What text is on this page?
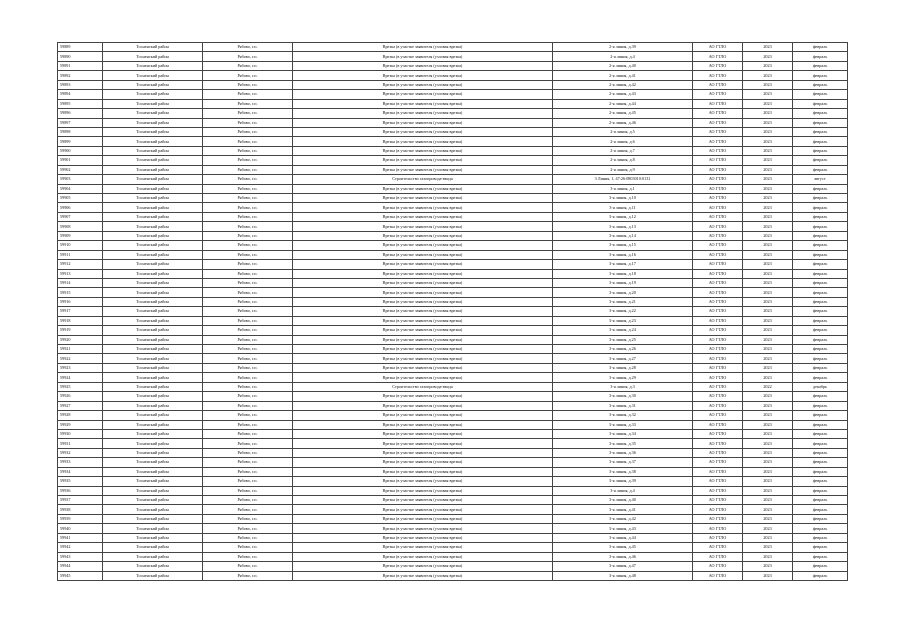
59889	Тосненский район	Рябово, г.п.	Врезка (в участке заявителя (узловая врезка)	2-я линия, д.39	АО ГТЛО	2023	февраль
59890	Тосненский район	Рябово, г.п.	Врезка (в участке заявителя (узловая врезка)	2-я линия, д.4	АО ГТЛО	2023	февраль
59891	Тосненский район	Рябово, г.п.	Врезка (в участке заявителя (узловая врезка)	2-я линия, д.40	АО ГТЛО	2023	февраль
59892	Тосненский район	Рябово, г.п.	Врезка (в участке заявителя (узловая врезка)	2-я линия, д.41	АО ГТЛО	2023	февраль
59893	Тосненский район	Рябово, г.п.	Врезка (в участке заявителя (узловая врезка)	2-я линия, д.42	АО ГТЛО	2023	февраль
59894	Тосненский район	Рябово, г.п.	Врезка (в участке заявителя (узловая врезка)	2-я линия, д.43	АО ГТЛО	2023	февраль
59895	Тосненский район	Рябово, г.п.	Врезка (в участке заявителя (узловая врезка)	2-я линия, д.44	АО ГТЛО	2023	февраль
59896	Тосненский район	Рябово, г.п.	Врезка (в участке заявителя (узловая врезка)	2-я линия, д.45	АО ГТЛО	2023	февраль
59897	Тосненский район	Рябово, г.п.	Врезка (в участке заявителя (узловая врезка)	2-я линия, д.46	АО ГТЛО	2023	февраль
59898	Тосненский район	Рябово, г.п.	Врезка (в участке заявителя (узловая врезка)	2-я линия, д.5	АО ГТЛО	2023	февраль
59899	Тосненский район	Рябово, г.п.	Врезка (в участке заявителя (узловая врезка)	2-я линия, д.6	АО ГТЛО	2023	февраль
59900	Тосненский район	Рябово, г.п.	Врезка (в участке заявителя (узловая врезка)	2-я линия, д.7	АО ГТЛО	2023	февраль
59901	Тосненский район	Рябово, г.п.	Врезка (в участке заявителя (узловая врезка)	2-я линия, д.8	АО ГТЛО	2023	февраль
59902	Тосненский район	Рябово, г.п.	Врезка (в участке заявителя (узловая врезка)	2-я линия, д.9	АО ГТЛО	2023	февраль
59903	Тосненский район	Рябово, г.п.	Строительство газопровода-ввода	3 Линия, 1, 47:26:0803010:0131	АО ГТЛО	2023	август
59904	Тосненский район	Рябово, г.п.	Врезка (в участке заявителя (узловая врезка)	3-я линия, д.1	АО ГТЛО	2023	февраль
59905	Тосненский район	Рябово, г.п.	Врезка (в участке заявителя (узловая врезка)	3-я линия, д.10	АО ГТЛО	2023	февраль
59906	Тосненский район	Рябово, г.п.	Врезка (в участке заявителя (узловая врезка)	3-я линия, д.11	АО ГТЛО	2023	февраль
59907	Тосненский район	Рябово, г.п.	Врезка (в участке заявителя (узловая врезка)	3-я линия, д.12	АО ГТЛО	2023	февраль
59908	Тосненский район	Рябово, г.п.	Врезка (в участке заявителя (узловая врезка)	3-я линия, д.13	АО ГТЛО	2023	февраль
59909	Тосненский район	Рябово, г.п.	Врезка (в участке заявителя (узловая врезка)	3-я линия, д.14	АО ГТЛО	2023	февраль
59910	Тосненский район	Рябово, г.п.	Врезка (в участке заявителя (узловая врезка)	3-я линия, д.15	АО ГТЛО	2023	февраль
59911	Тосненский район	Рябово, г.п.	Врезка (в участке заявителя (узловая врезка)	3-я линия, д.16	АО ГТЛО	2023	февраль
59912	Тосненский район	Рябово, г.п.	Врезка (в участке заявителя (узловая врезка)	3-я линия, д.17	АО ГТЛО	2023	февраль
59913	Тосненский район	Рябово, г.п.	Врезка (в участке заявителя (узловая врезка)	3-я линия, д.18	АО ГТЛО	2023	февраль
59914	Тосненский район	Рябово, г.п.	Врезка (в участке заявителя (узловая врезка)	3-я линия, д.19	АО ГТЛО	2023	февраль
59915	Тосненский район	Рябово, г.п.	Врезка (в участке заявителя (узловая врезка)	3-я линия, д.20	АО ГТЛО	2023	февраль
59916	Тосненский район	Рябово, г.п.	Врезка (в участке заявителя (узловая врезка)	3-я линия, д.21	АО ГТЛО	2023	февраль
59917	Тосненский район	Рябово, г.п.	Врезка (в участке заявителя (узловая врезка)	3-я линия, д.22	АО ГТЛО	2023	февраль
59918	Тосненский район	Рябово, г.п.	Врезка (в участке заявителя (узловая врезка)	3-я линия, д.23	АО ГТЛО	2023	февраль
59919	Тосненский район	Рябово, г.п.	Врезка (в участке заявителя (узловая врезка)	3-я линия, д.24	АО ГТЛО	2023	февраль
59920	Тосненский район	Рябово, г.п.	Врезка (в участке заявителя (узловая врезка)	3-я линия, д.25	АО ГТЛО	2023	февраль
59921	Тосненский район	Рябово, г.п.	Врезка (в участке заявителя (узловая врезка)	3-я линия, д.26	АО ГТЛО	2023	февраль
59922	Тосненский район	Рябово, г.п.	Врезка (в участке заявителя (узловая врезка)	3-я линия, д.27	АО ГТЛО	2023	февраль
59923	Тосненский район	Рябово, г.п.	Врезка (в участке заявителя (узловая врезка)	3-я линия, д.28	АО ГТЛО	2023	февраль
59924	Тосненский район	Рябово, г.п.	Врезка (в участке заявителя (узловая врезка)	3-я линия, д.29	АО ГТЛО	2023	февраль
59925	Тосненский район	Рябово, г.п.	Строительство газопровода-ввода	3-я линия, д.3	АО ГТЛО	2022	декабрь
59926	Тосненский район	Рябово, г.п.	Врезка (в участке заявителя (узловая врезка)	3-я линия, д.30	АО ГТЛО	2023	февраль
59927	Тосненский район	Рябово, г.п.	Врезка (в участке заявителя (узловая врезка)	3-я линия, д.31	АО ГТЛО	2023	февраль
59928	Тосненский район	Рябово, г.п.	Врезка (в участке заявителя (узловая врезка)	3-я линия, д.32	АО ГТЛО	2023	февраль
59929	Тосненский район	Рябово, г.п.	Врезка (в участке заявителя (узловая врезка)	3-я линия, д.33	АО ГТЛО	2023	февраль
59930	Тосненский район	Рябово, г.п.	Врезка (в участке заявителя (узловая врезка)	3-я линия, д.34	АО ГТЛО	2023	февраль
59931	Тосненский район	Рябово, г.п.	Врезка (в участке заявителя (узловая врезка)	3-я линия, д.35	АО ГТЛО	2023	февраль
59932	Тосненский район	Рябово, г.п.	Врезка (в участке заявителя (узловая врезка)	3-я линия, д.36	АО ГТЛО	2023	февраль
59933	Тосненский район	Рябово, г.п.	Врезка (в участке заявителя (узловая врезка)	3-я линия, д.37	АО ГТЛО	2023	февраль
59934	Тосненский район	Рябово, г.п.	Врезка (в участке заявителя (узловая врезка)	3-я линия, д.38	АО ГТЛО	2023	февраль
59935	Тосненский район	Рябово, г.п.	Врезка (в участке заявителя (узловая врезка)	3-я линия, д.39	АО ГТЛО	2023	февраль
59936	Тосненский район	Рябово, г.п.	Врезка (в участке заявителя (узловая врезка)	3-я линия, д.4	АО ГТЛО	2023	февраль
59937	Тосненский район	Рябово, г.п.	Врезка (в участке заявителя (узловая врезка)	3-я линия, д.40	АО ГТЛО	2023	февраль
59938	Тосненский район	Рябово, г.п.	Врезка (в участке заявителя (узловая врезка)	3-я линия, д.41	АО ГТЛО	2023	февраль
59939	Тосненский район	Рябово, г.п.	Врезка (в участке заявителя (узловая врезка)	3-я линия, д.42	АО ГТЛО	2023	февраль
59940	Тосненский район	Рябово, г.п.	Врезка (в участке заявителя (узловая врезка)	3-я линия, д.43	АО ГТЛО	2023	февраль
59941	Тосненский район	Рябово, г.п.	Врезка (в участке заявителя (узловая врезка)	3-я линия, д.44	АО ГТЛО	2023	февраль
59942	Тосненский район	Рябово, г.п.	Врезка (в участке заявителя (узловая врезка)	3-я линия, д.45	АО ГТЛО	2023	февраль
59943	Тосненский район	Рябово, г.п.	Врезка (в участке заявителя (узловая врезка)	3-я линия, д.46	АО ГТЛО	2023	февраль
59944	Тосненский район	Рябово, г.п.	Врезка (в участке заявителя (узловая врезка)	3-я линия, д.47	АО ГТЛО	2023	февраль
59945	Тосненский район	Рябово, г.п.	Врезка (в участке заявителя (узловая врезка)	3-я линия, д.48	АО ГТЛО	2023	февраль
